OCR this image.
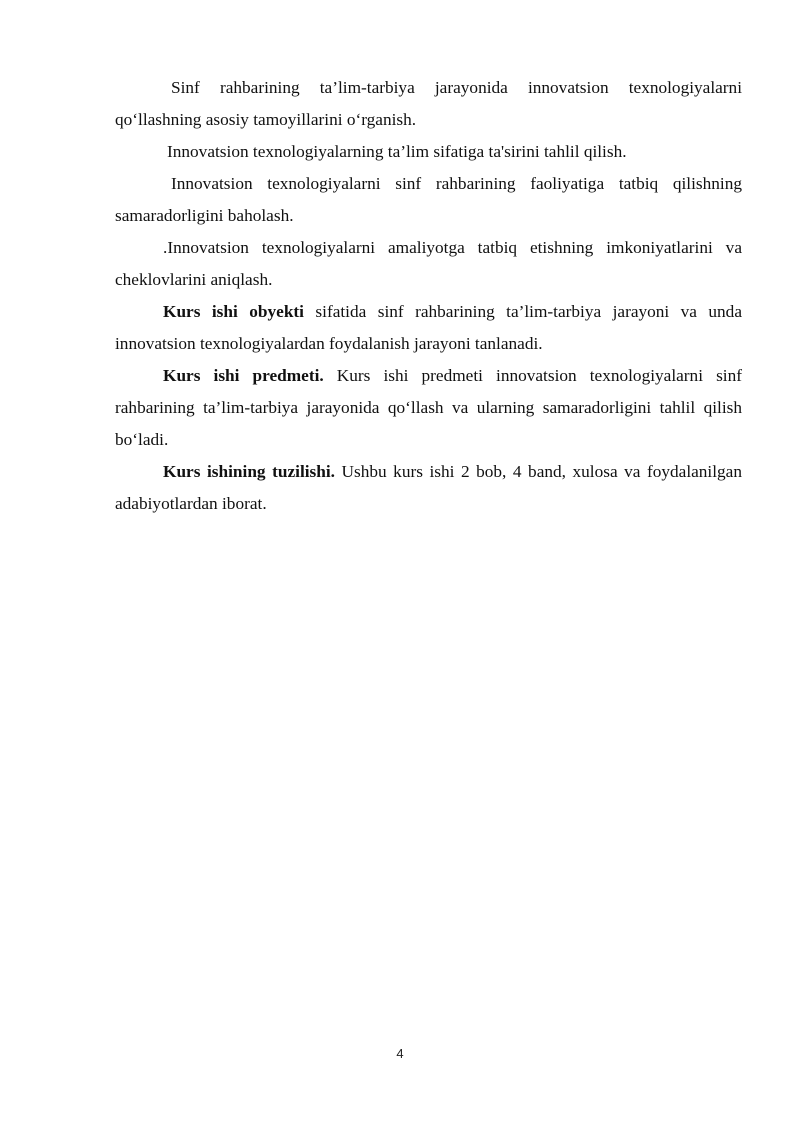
Sinf rahbarining ta’lim-tarbiya jarayonida innovatsion texnologiyalarni qo‘llashning asosiy tamoyillarini o‘rganish.

Innovatsion texnologiyalarning ta’lim sifatiga ta'sirini tahlil qilish.

Innovatsion texnologiyalarni sinf rahbarining faoliyatiga tatbiq qilishning samaradorligini baholash.

.Innovatsion texnologiyalarni amaliyotga tatbiq etishning imkoniyatlarini va cheklovlarini aniqlash.

Kurs ishi obyekti sifatida sinf rahbarining ta’lim-tarbiya jarayoni va unda innovatsion texnologiyalardan foydalanish jarayoni tanlanadi.

Kurs ishi predmeti. Kurs ishi predmeti innovatsion texnologiyalarni sinf rahbarining ta’lim-tarbiya jarayonida qo‘llash va ularning samaradorligini tahlil qilish bo‘ladi.

Kurs ishining tuzilishi. Ushbu kurs ishi 2 bob, 4 band, xulosa va foydalanilgan adabiyotlardan iborat.

4
